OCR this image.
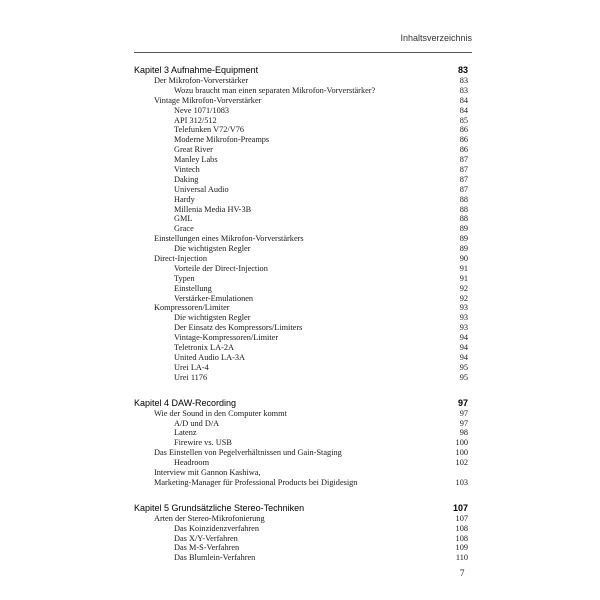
Inhaltsverzeichnis
Kapitel 3 Aufnahme-Equipment	83
Der Mikrofon-Vorverstärker	83
Wozu braucht man einen separaten Mikrofon-Vorverstärker?	83
Vintage Mikrofon-Vorverstärker	84
Neve 1071/1083	84
API 312/512	85
Telefunken V72/V76	86
Moderne Mikrofon-Preamps	86
Great River	86
Manley Labs	87
Vintech	87
Daking	87
Universal Audio	87
Hardy	88
Millenia Media HV-3B	88
GML	88
Grace	89
Einstellungen eines Mikrofon-Vorverstärkers	89
Die wichtigsten Regler	89
Direct-Injection	90
Vorteile der Direct-Injection	91
Typen	91
Einstellung	92
Verstärker-Emulationen	92
Kompressoren/Limiter	93
Die wichtigsten Regler	93
Der Einsatz des Kompressors/Limiters	93
Vintage-Kompressoren/Limiter	94
Teletronix LA-2A	94
United Audio LA-3A	94
Urei LA-4	95
Urei 1176	95
Kapitel 4 DAW-Recording	97
Wie der Sound in den Computer kommt	97
A/D und D/A	97
Latenz	98
Firewire vs. USB	100
Das Einstellen von Pegelverhältnissen und Gain-Staging	100
Headroom	102
Interview mit Gannon Kashiwa,
Marketing-Manager für Professional Products bei Digidesign	103
Kapitel 5 Grundsätzliche Stereo-Techniken	107
Arten der Stereo-Mikrofonierung	107
Das Koinzidenzverfahren	108
Das X/Y-Verfahren	108
Das M-S-Verfahren	109
Das Blumlein-Verfahren	110
7
